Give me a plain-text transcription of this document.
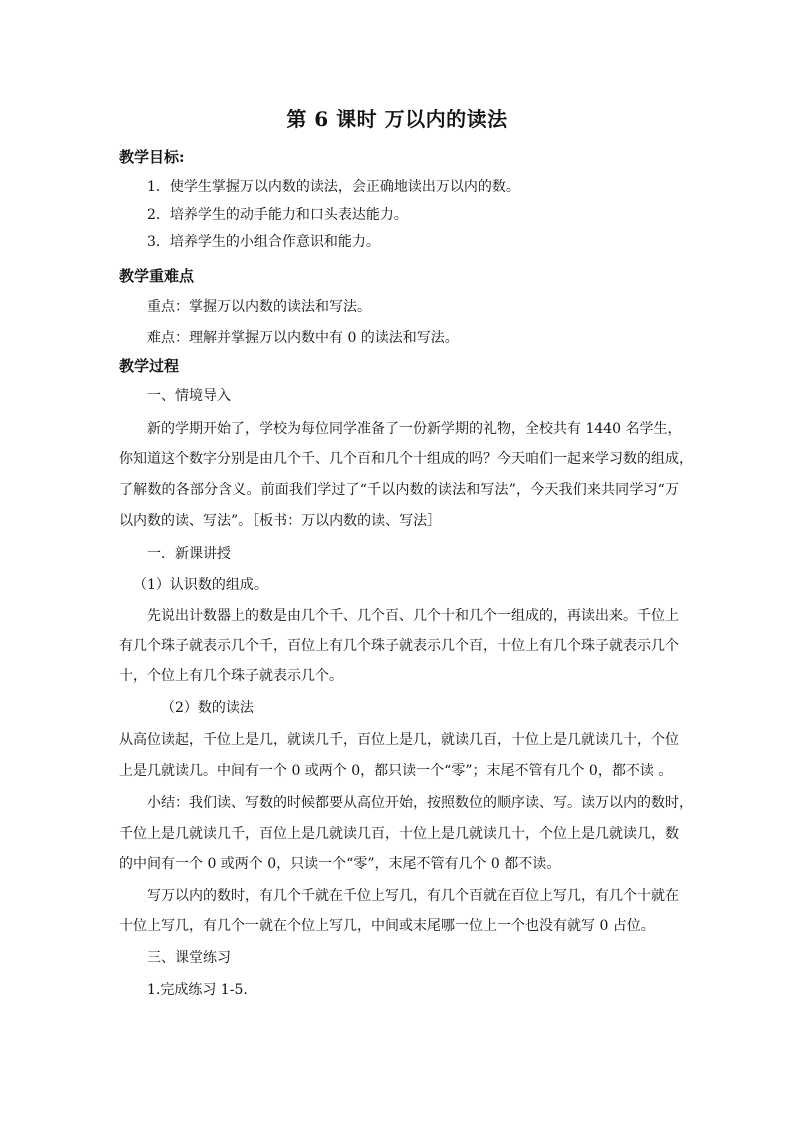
第 6 课时 万以内的读法
教学目标:
1．使学生掌握万以内数的读法，会正确地读出万以内的数。
2．培养学生的动手能力和口头表达能力。
3．培养学生的小组合作意识和能力。
教学重难点
重点：掌握万以内数的读法和写法。
难点：理解并掌握万以内数中有 0 的读法和写法。
教学过程
一、情境导入
新的学期开始了，学校为每位同学准备了一份新学期的礼物，全校共有 1440 名学生，
你知道这个数字分别是由几个千、几个百和几个十组成的吗？今天咱们一起来学习数的组成，
了解数的各部分含义。前面我们学过了“千以内数的读法和写法”，今天我们来共同学习“万
以内数的读、写法”。［板书：万以内数的读、写法］
一．新课讲授
（1）认识数的组成。
先说出计数器上的数是由几个千、几个百、几个十和几个一组成的，再读出来。千位上
有几个珠子就表示几个千，百位上有几个珠子就表示几个百，十位上有几个珠子就表示几个
十，个位上有几个珠子就表示几个。
（2）数的读法
从高位读起，千位上是几，就读几千，百位上是几，就读几百，十位上是几就读几十，个位
上是几就读几。中间有一个 0 或两个 0，都只读一个“零”；末尾不管有几个 0，都不读 。
小结：我们读、写数的时候都要从高位开始，按照数位的顺序读、写。读万以内的数时，
千位上是几就读几千，百位上是几就读几百，十位上是几就读几十，个位上是几就读几，数
的中间有一个 0 或两个 0，只读一个“零”，末尾不管有几个 0 都不读。
写万以内的数时，有几个千就在千位上写几，有几个百就在百位上写几，有几个十就在
十位上写几，有几个一就在个位上写几，中间或末尾哪一位上一个也没有就写 0 占位。
三、课堂练习
1.完成练习 1-5.
